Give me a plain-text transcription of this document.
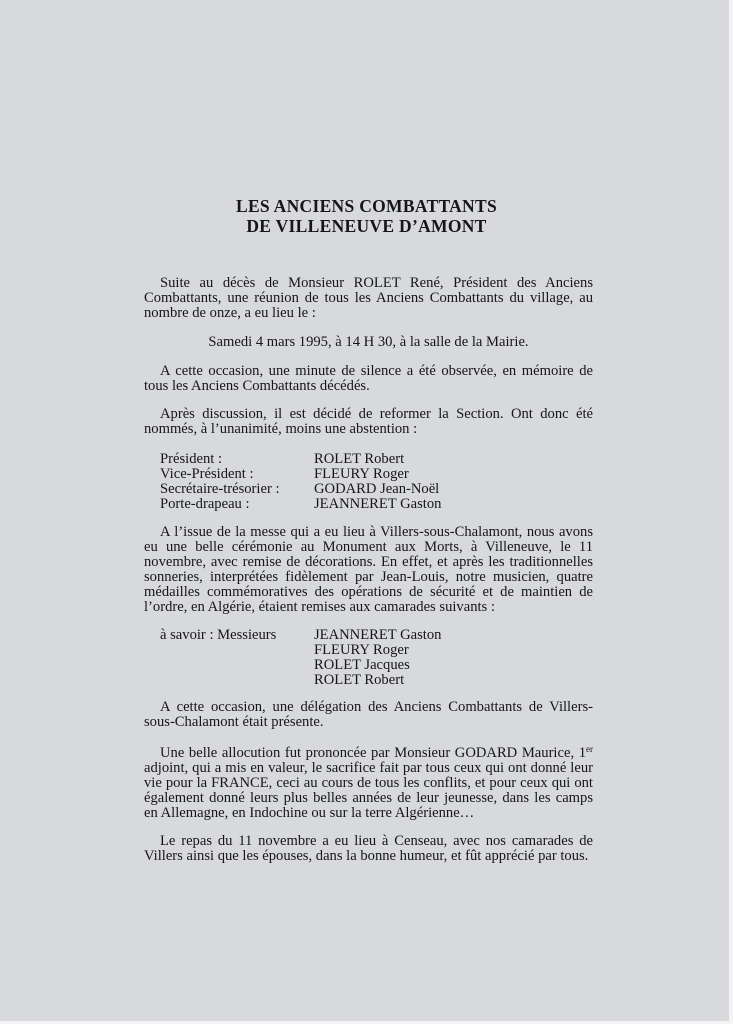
LES ANCIENS COMBATTANTS
DE VILLENEUVE D’AMONT

Suite au décès de Monsieur ROLET René, Président des Anciens Combattants, une réunion de tous les Anciens Combattants du village, au nombre de onze, a eu lieu le :

Samedi 4 mars 1995, à 14 H 30, à la salle de la Mairie.

A cette occasion, une minute de silence a été observée, en mémoire de tous les Anciens Combattants décédés.

Après discussion, il est décidé de reformer la Section. Ont donc été nommés, à l’unanimité, moins une abstention :

Président :	ROLET Robert
Vice-Président :	FLEURY Roger
Secrétaire-trésorier : GODARD Jean-Noël
Porte-drapeau :	JEANNERET Gaston

A l’issue de la messe qui a eu lieu à Villers-sous-Chalamont, nous avons eu une belle cérémonie au Monument aux Morts, à Villeneuve, le 11 novembre, avec remise de décorations. En effet, et après les traditionnelles sonneries, interprétées fidèlement par Jean-Louis, notre musicien, quatre médailles commémoratives des opérations de sécurité et de maintien de l’ordre, en Algérie, étaient remises aux camarades suivants :

à savoir : Messieurs	JEANNERET Gaston
FLEURY Roger
ROLET Jacques
ROLET Robert

A cette occasion, une délégation des Anciens Combattants de Villers-sous-Chalamont était présente.

Une belle allocution fut prononcée par Monsieur GODARD Maurice, 1er adjoint, qui a mis en valeur, le sacrifice fait par tous ceux qui ont donné leur vie pour la FRANCE, ceci au cours de tous les conflits, et pour ceux qui ont également donné leurs plus belles années de leur jeunesse, dans les camps en Allemagne, en Indochine ou sur la terre Algérienne…

Le repas du 11 novembre a eu lieu à Censeau, avec nos camarades de Villers ainsi que les épouses, dans la bonne humeur, et fût apprécié par tous.
